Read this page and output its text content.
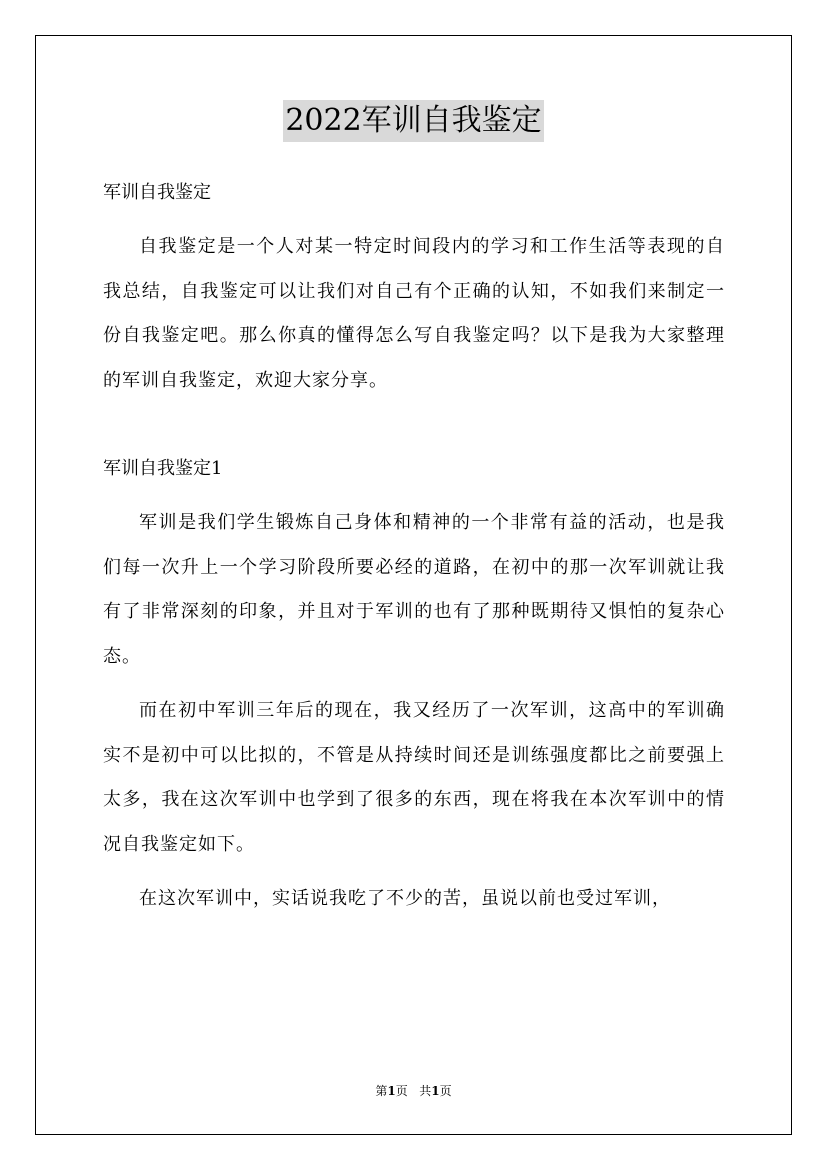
2022军训自我鉴定

军训自我鉴定

自我鉴定是一个人对某一特定时间段内的学习和工作生活等表现的自我总结，自我鉴定可以让我们对自己有个正确的认知，不如我们来制定一份自我鉴定吧。那么你真的懂得怎么写自我鉴定吗？以下是我为大家整理的军训自我鉴定，欢迎大家分享。

军训自我鉴定1

军训是我们学生锻炼自己身体和精神的一个非常有益的活动，也是我们每一次升上一个学习阶段所要必经的道路，在初中的那一次军训就让我有了非常深刻的印象，并且对于军训的也有了那种既期待又惧怕的复杂心态。

而在初中军训三年后的现在，我又经历了一次军训，这高中的军训确实不是初中可以比拟的，不管是从持续时间还是训练强度都比之前要强上太多，我在这次军训中也学到了很多的东西，现在将我在本次军训中的情况自我鉴定如下。

在这次军训中，实话说我吃了不少的苦，虽说以前也受过军训，

第1页 共1页
